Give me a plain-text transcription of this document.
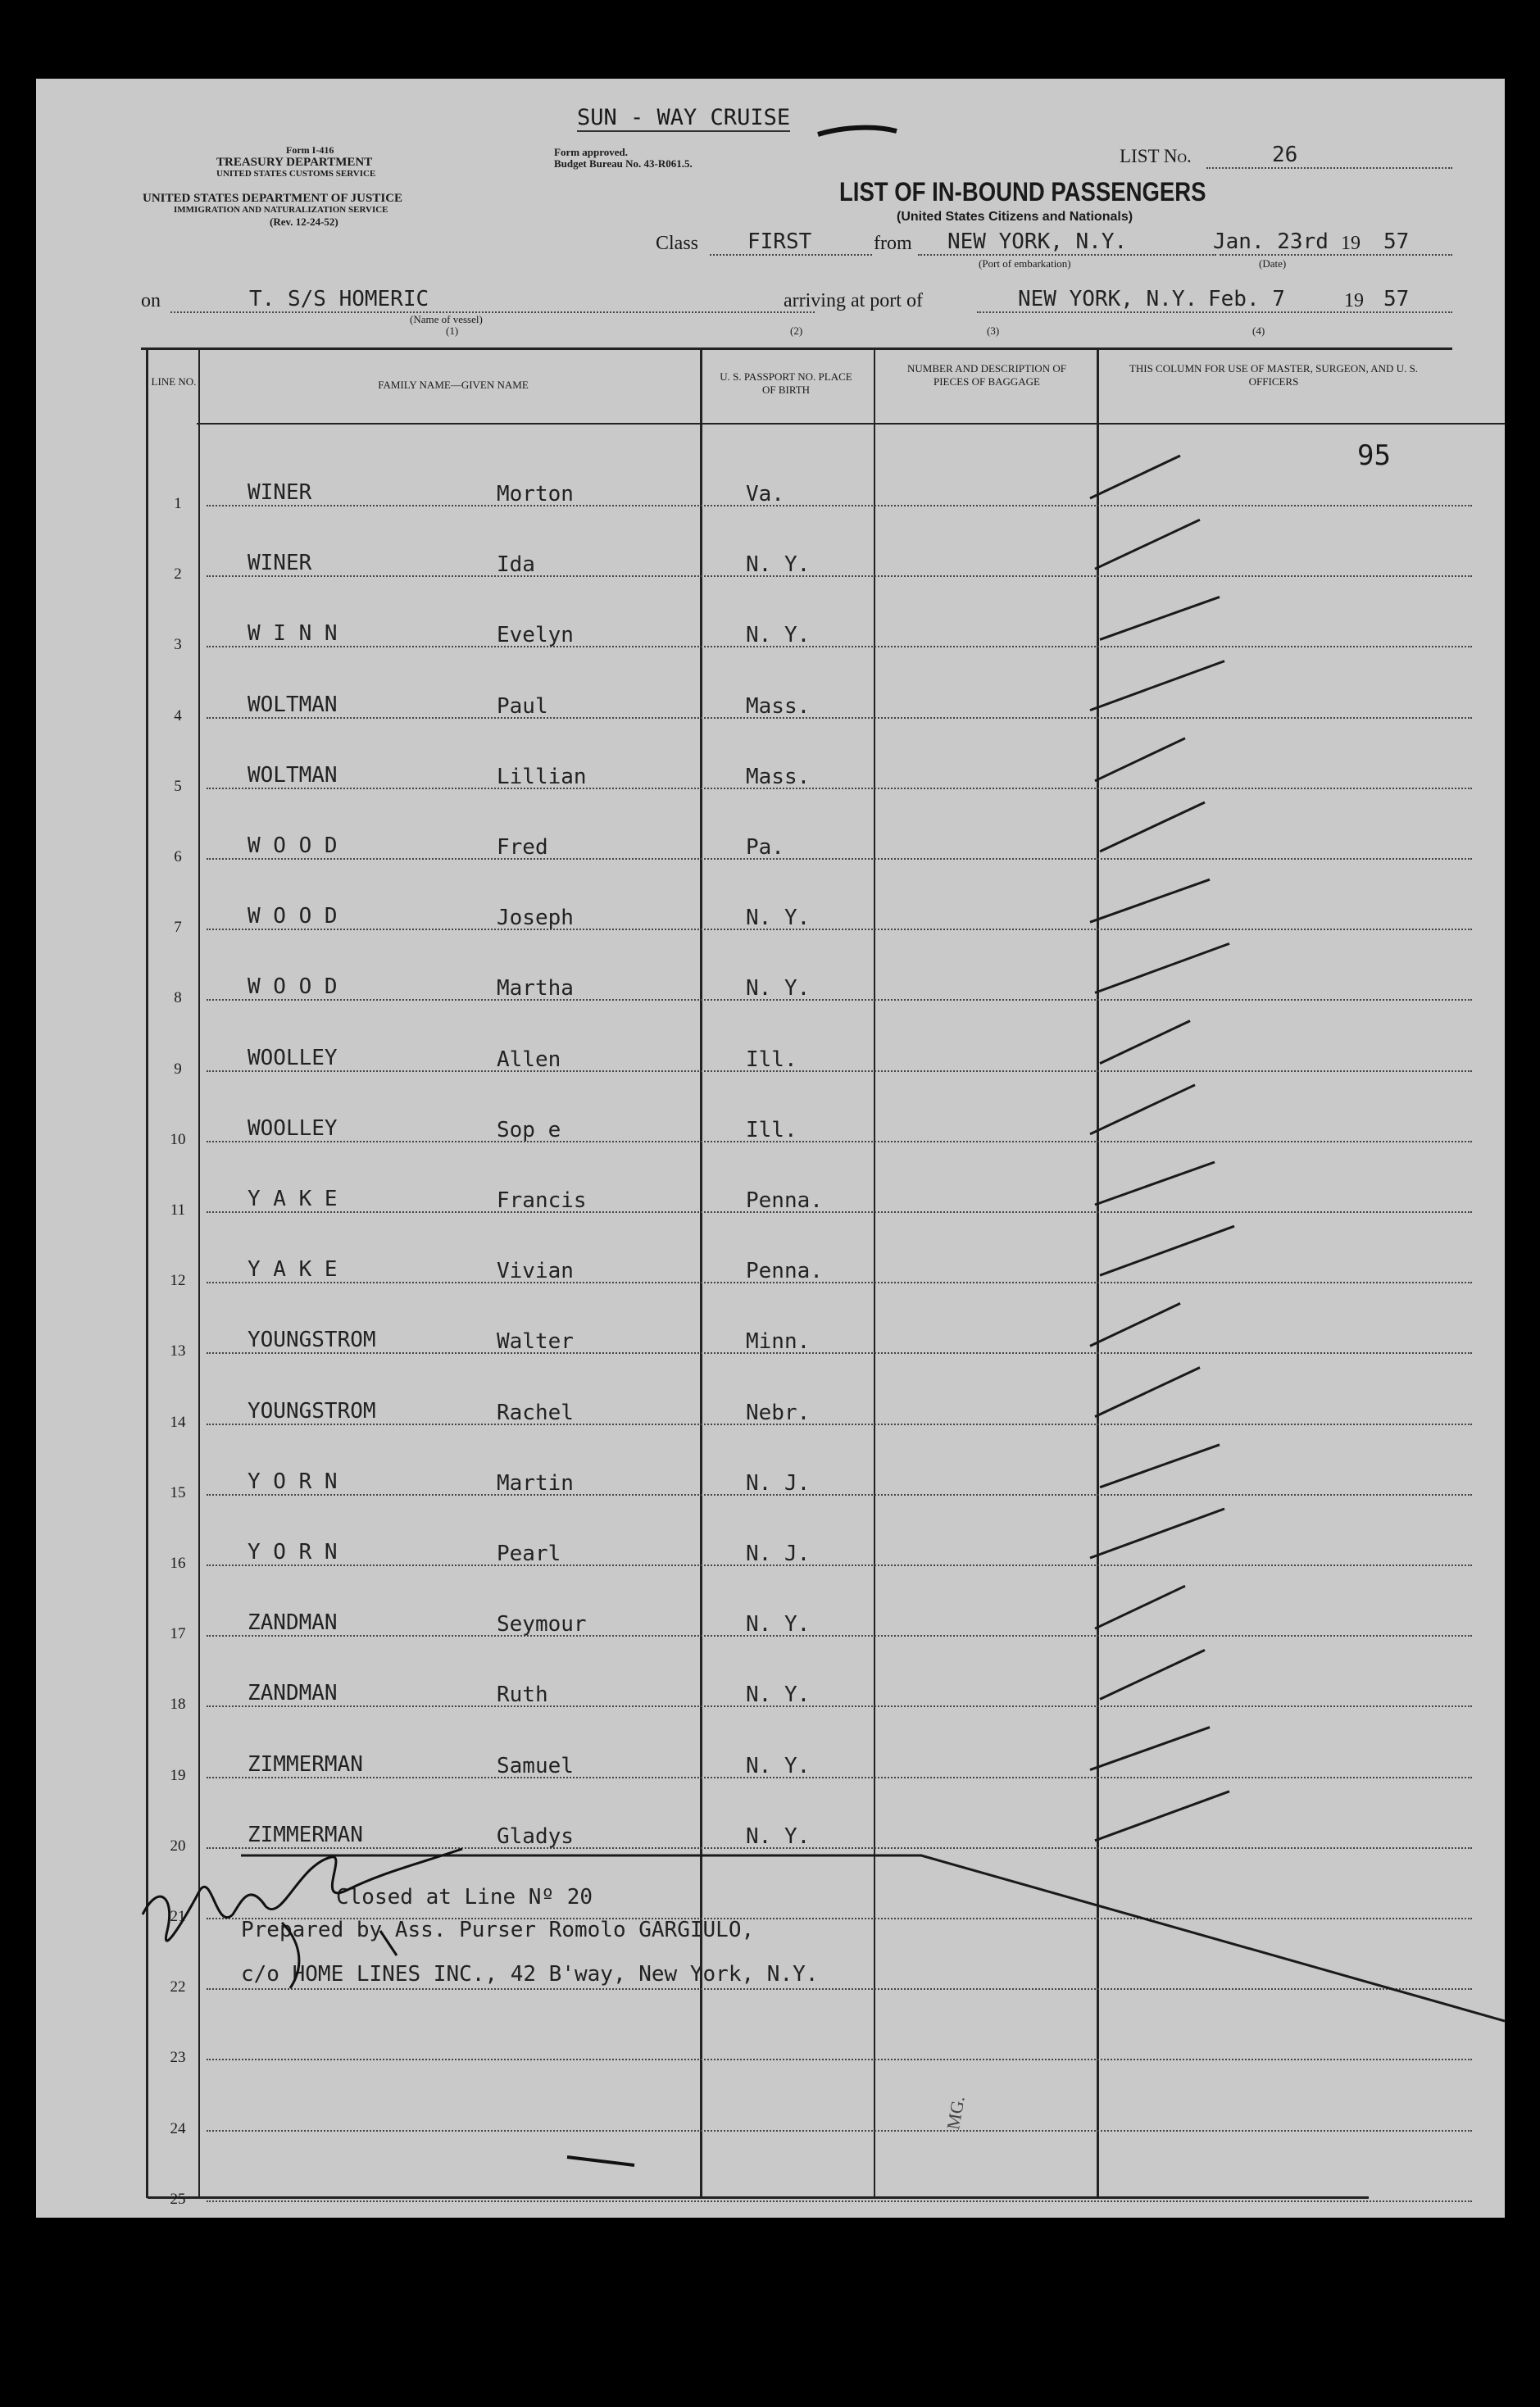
SUN - WAY CRUISE
Form I-416
TREASURY DEPARTMENT
UNITED STATES CUSTOMS SERVICE
UNITED STATES DEPARTMENT OF JUSTICE
IMMIGRATION AND NATURALIZATION SERVICE
(Rev. 12-24-52)
Form approved.
Budget Bureau No. 43-R061.5.	LIST No.	26
LIST OF IN-BOUND PASSENGERS
(United States Citizens and Nationals)
Class FIRST	from NEW YORK, N.Y.
(Port of embarkation)
Jan. 23rd 19 57
(Date)
on	T. S/S HOMERIC
(Name of vessel)
(1)
arriving at port of	NEW YORK, N.Y. Feb. 7	19 57
(2)	(3)	(4)
LINE NO.	FAMILY NAME—GIVEN NAME
U. S. PASSPORT NO. PLACE OF BIRTH
NUMBER AND DESCRIPTION OF PIECES OF BAGGAGE
THIS COLUMN FOR USE OF MASTER, SURGEON, AND U. S. OFFICERS
95
1	WINER	Morton	Va.
2	WINER	Ida	N. Y.
3	W I N N	Evelyn	N. Y.
4	WOLTMAN	Paul	Mass.
5	WOLTMAN	Lillian	Mass.
6	W O O D	Fred	Pa.
7	W O O D	Joseph	N. Y.
8	W O O D	Martha	N. Y.
9	WOOLLEY	Allen	Ill.
10	WOOLLEY	Sop e	Ill.
11	Y A K E	Francis	Penna.
12	Y A K E	Vivian	Penna.
13	YOUNGSTROM	Walter	Minn.
14	YOUNGSTROM	Rachel	Nebr.
15	Y O R N	Martin	N. J.
16	Y O R N	Pearl	N. J.
17	ZANDMAN	Seymour	N. Y.
18	ZANDMAN	Ruth	N. Y.
19	ZIMMERMAN	Samuel	N. Y.
20	ZIMMERMAN	Gladys	N. Y.
21
22
23
24
25
Closed at Line Nº 20
Prepared by Ass. Purser Romolo GARGIULO,
c/o HOME LINES INC., 42 B'way, New York, N.Y.
MG.
